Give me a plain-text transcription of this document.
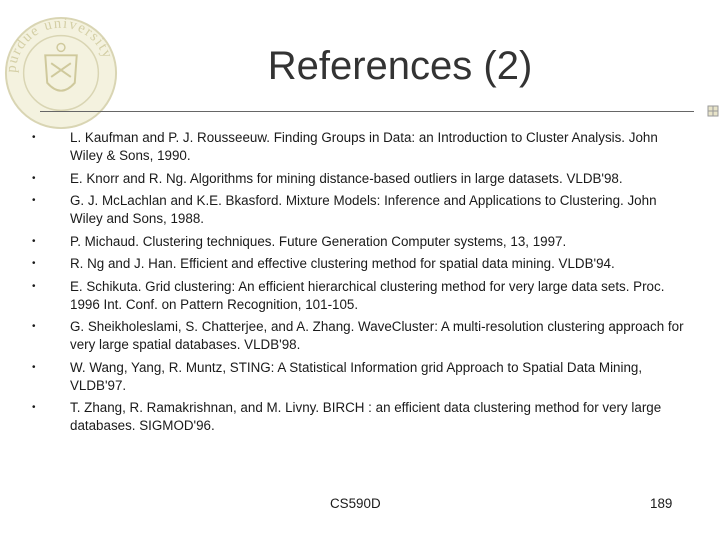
purdue university	References (2)
•	L. Kaufman and P. J. Rousseeuw. Finding Groups in Data: an Introduction to Cluster Analysis. John Wiley & Sons, 1990.
•	E. Knorr and R. Ng. Algorithms for mining distance-based outliers in large datasets. VLDB'98.
•	G. J. McLachlan and K.E. Bkasford. Mixture Models: Inference and Applications to Clustering. John Wiley and Sons, 1988.
•	P. Michaud. Clustering techniques. Future Generation Computer systems, 13, 1997.
•	R. Ng and J. Han. Efficient and effective clustering method for spatial data mining. VLDB'94.
•	E. Schikuta. Grid clustering: An efficient hierarchical clustering method for very large data sets. Proc. 1996 Int. Conf. on Pattern Recognition, 101-105.
•	G. Sheikholeslami, S. Chatterjee, and A. Zhang. WaveCluster: A multi-resolution clustering approach for very large spatial databases. VLDB'98.
•	W. Wang, Yang, R. Muntz, STING: A Statistical Information grid Approach to Spatial Data Mining, VLDB'97.
•	T. Zhang, R. Ramakrishnan, and M. Livny. BIRCH : an efficient data clustering method for very large databases. SIGMOD'96.
CS590D	189
